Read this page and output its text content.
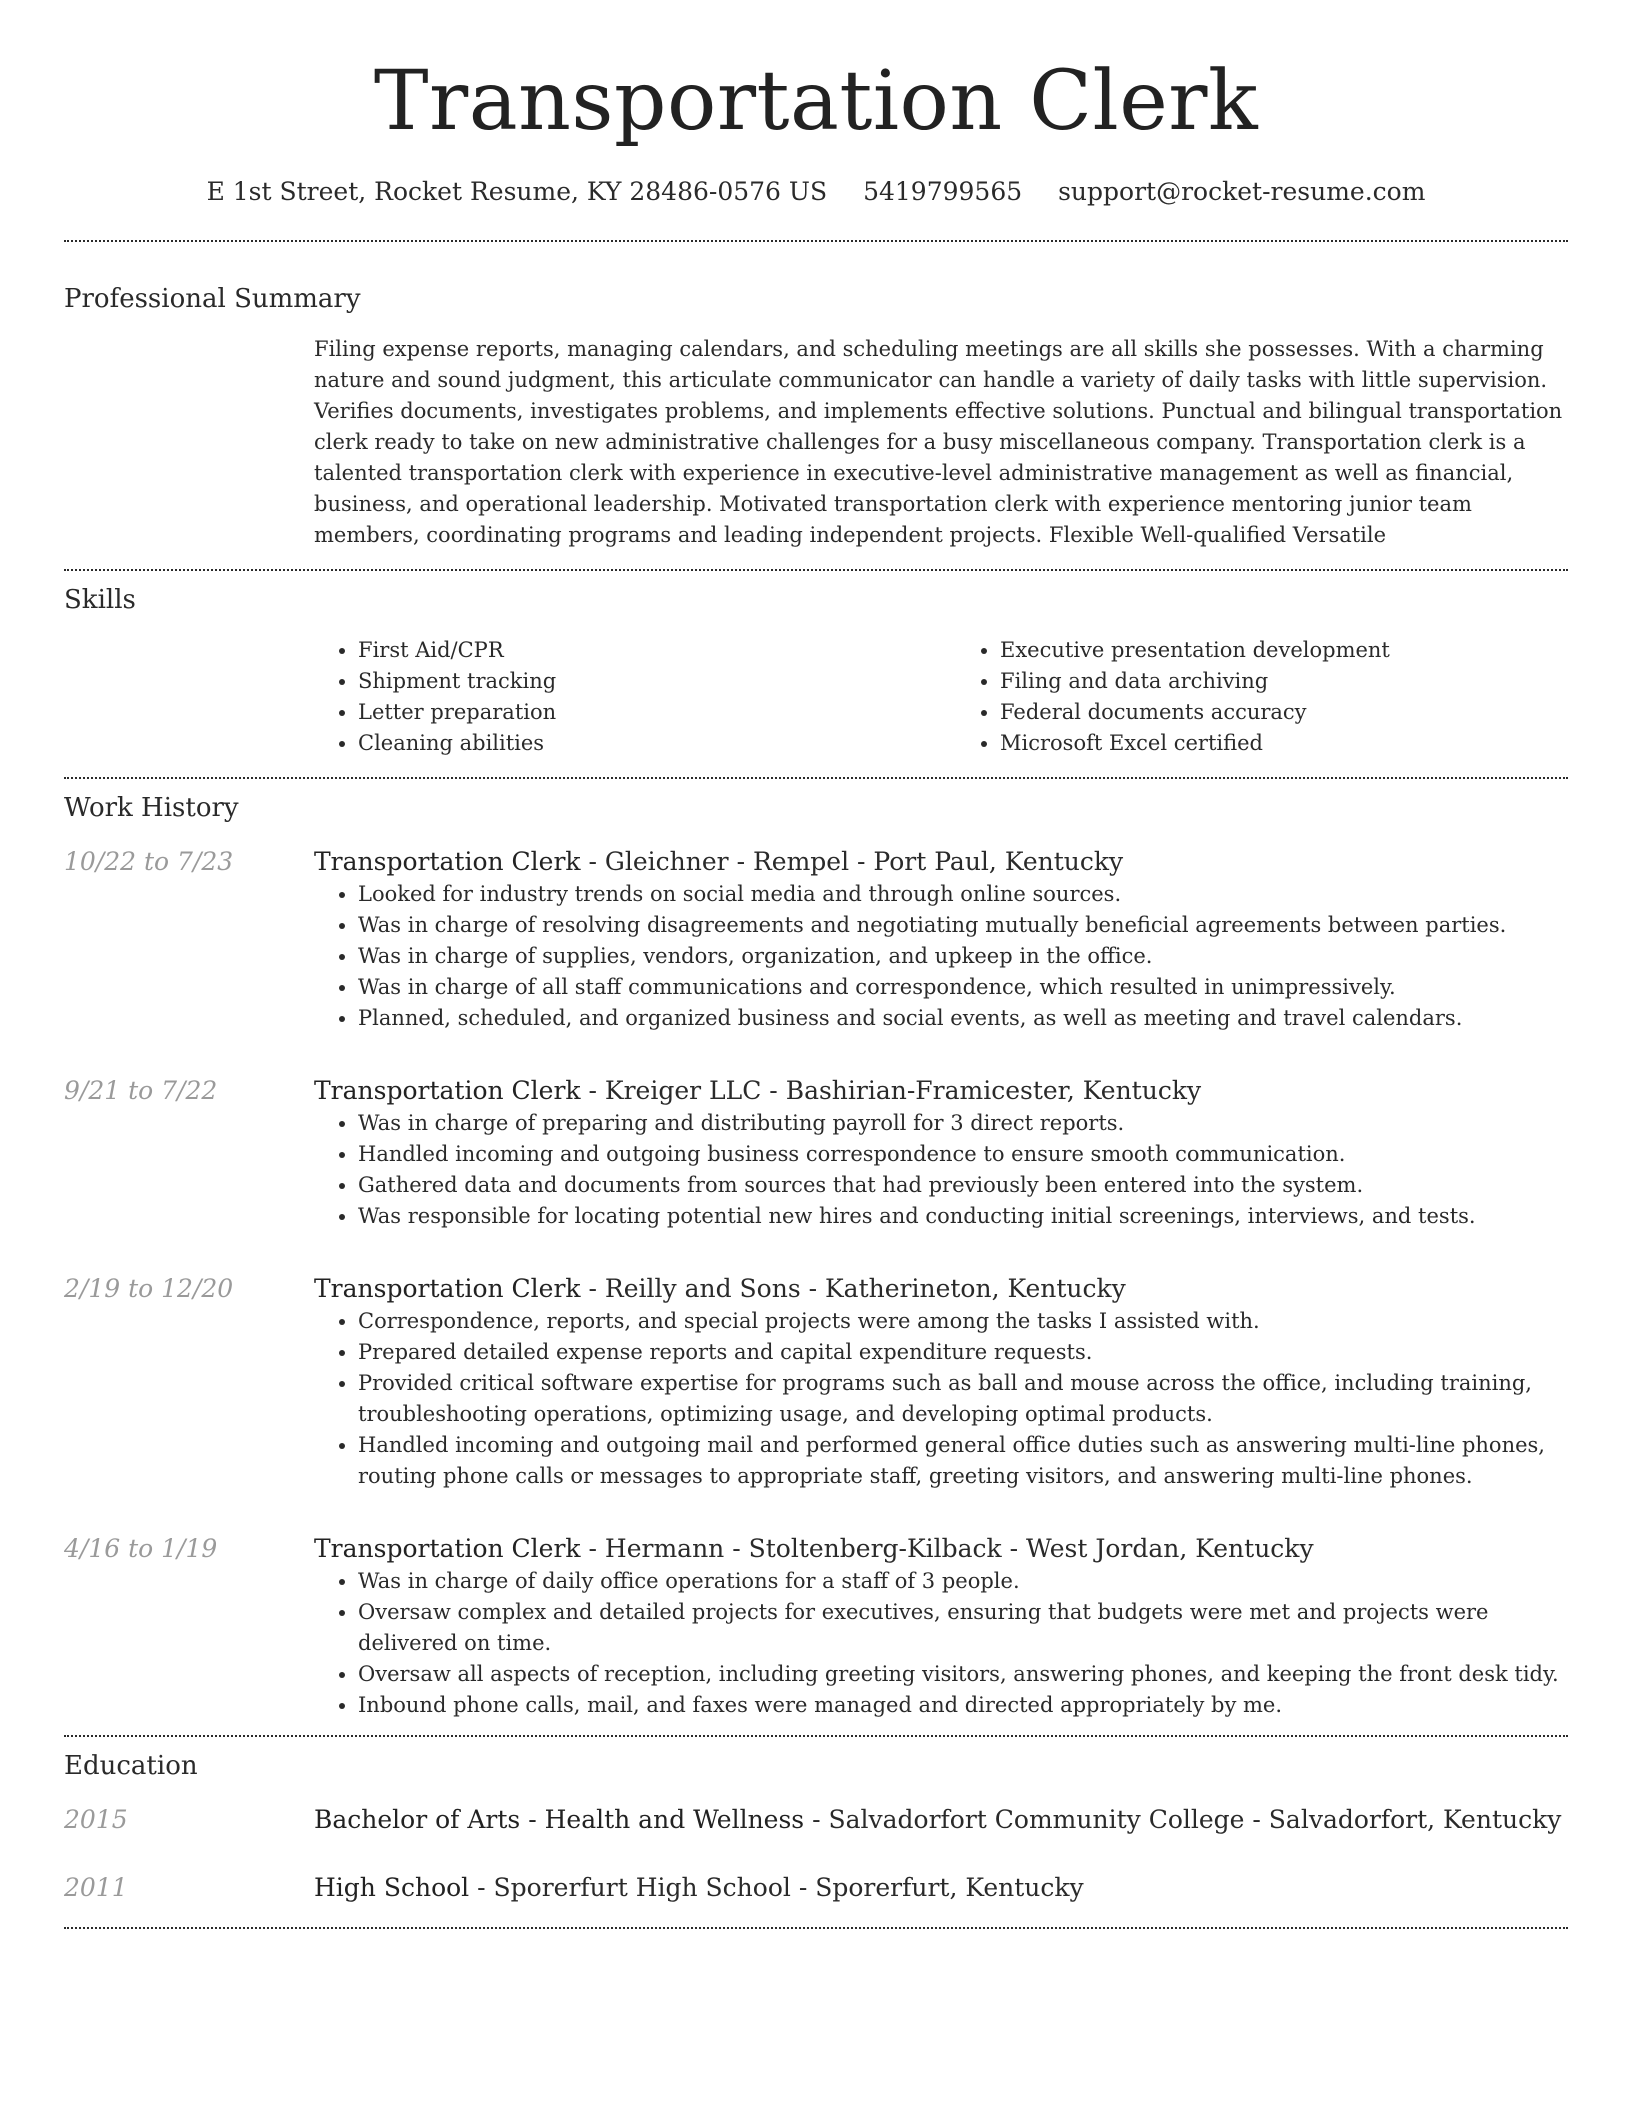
Transportation Clerk
E 1st Street, Rocket Resume, KY 28486-0576 US 5419799565 support@rocket-resume.com
Professional Summary

Filing expense reports, managing calendars, and scheduling meetings are all skills she possesses. With a charming nature and sound judgment, this articulate communicator can handle a variety of daily tasks with little supervision. Verifies documents, investigates problems, and implements effective solutions. Punctual and bilingual transportation clerk ready to take on new administrative challenges for a busy miscellaneous company. Transportation clerk is a talented transportation clerk with experience in executive-level administrative management as well as financial, business, and operational leadership. Motivated transportation clerk with experience mentoring junior team members, coordinating programs and leading independent projects. Flexible Well-qualified Versatile

Skills
• First Aid/CPR
• Shipment tracking
• Letter preparation
• Cleaning abilities
• Executive presentation development
• Filing and data archiving
• Federal documents accuracy
• Microsoft Excel certified
Work History
10/22 to 7/23	Transportation Clerk - Gleichner - Rempel - Port Paul, Kentucky
• Looked for industry trends on social media and through online sources.
• Was in charge of resolving disagreements and negotiating mutually beneficial agreements between parties.
• Was in charge of supplies, vendors, organization, and upkeep in the office.
• Was in charge of all staff communications and correspondence, which resulted in unimpressively.
• Planned, scheduled, and organized business and social events, as well as meeting and travel calendars.
9/21 to 7/22	Transportation Clerk - Kreiger LLC - Bashirian-Framicester, Kentucky
• Was in charge of preparing and distributing payroll for 3 direct reports.
• Handled incoming and outgoing business correspondence to ensure smooth communication.
• Gathered data and documents from sources that had previously been entered into the system.
• Was responsible for locating potential new hires and conducting initial screenings, interviews, and tests.
2/19 to 12/20	Transportation Clerk - Reilly and Sons - Katherineton, Kentucky
• Correspondence, reports, and special projects were among the tasks I assisted with.
• Prepared detailed expense reports and capital expenditure requests.
• Provided critical software expertise for programs such as ball and mouse across the office, including training, troubleshooting operations, optimizing usage, and developing optimal products.
• Handled incoming and outgoing mail and performed general office duties such as answering multi-line phones, routing phone calls or messages to appropriate staff, greeting visitors, and answering multi-line phones.
4/16 to 1/19	Transportation Clerk - Hermann - Stoltenberg-Kilback - West Jordan, Kentucky
• Was in charge of daily office operations for a staff of 3 people.
• Oversaw complex and detailed projects for executives, ensuring that budgets were met and projects were delivered on time.
• Oversaw all aspects of reception, including greeting visitors, answering phones, and keeping the front desk tidy.
• Inbound phone calls, mail, and faxes were managed and directed appropriately by me.
Education
2015	Bachelor of Arts - Health and Wellness - Salvadorfort Community College - Salvadorfort, Kentucky
2011	High School - Sporerfurt High School - Sporerfurt, Kentucky
